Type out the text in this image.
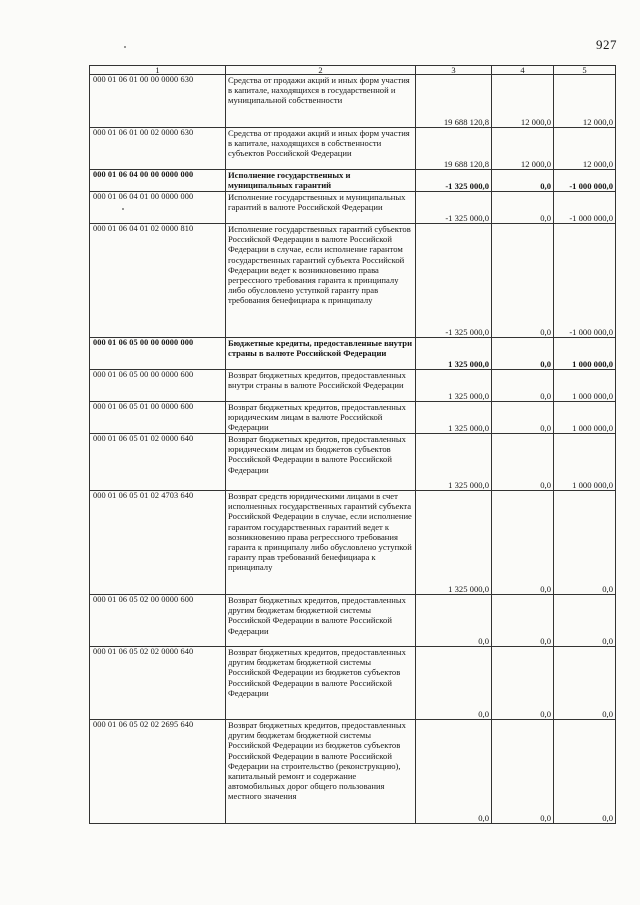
927
1	2	3	4	5
000 01 06 01 00 00 0000 630	Средства от продажи акций и иных форм участия в капитале, находящихся в государственной и муниципальной собственности	19 688 120,8	12 000,0	12 000,0
000 01 06 01 00 02 0000 630	Средства от продажи акций и иных форм участия в капитале, находящихся в собственности субъектов Российской Федерации	19 688 120,8	12 000,0	12 000,0
000 01 06 04 00 00 0000 000	Исполнение государственных и муниципальных гарантий	-1 325 000,0	0,0	-1 000 000,0
000 01 06 04 01 00 0000 000	Исполнение государственных и муниципальных гарантий в валюте Российской Федерации	-1 325 000,0	0,0	-1 000 000,0
000 01 06 04 01 02 0000 810	Исполнение государственных гарантий субъектов Российской Федерации в валюте Российской Федерации в случае, если исполнение гарантом государственных гарантий субъекта Российской Федерации ведет к возникновению права регрессного требования гаранта к принципалу либо обусловлено уступкой гаранту прав требования бенефициара к принципалу	-1 325 000,0	0,0	-1 000 000,0
000 01 06 05 00 00 0000 000	Бюджетные кредиты, предоставленные внутри страны в валюте Российской Федерации	1 325 000,0	0,0	1 000 000,0
000 01 06 05 00 00 0000 600	Возврат бюджетных кредитов, предоставленных внутри страны в валюте Российской Федерации	1 325 000,0	0,0	1 000 000,0
000 01 06 05 01 00 0000 600	Возврат бюджетных кредитов, предоставленных юридическим лицам в валюте Российской Федерации	1 325 000,0	0,0	1 000 000,0
000 01 06 05 01 02 0000 640	Возврат бюджетных кредитов, предоставленных юридическим лицам из бюджетов субъектов Российской Федерации в валюте Российской Федерации	1 325 000,0	0,0	1 000 000,0
000 01 06 05 01 02 4703 640	Возврат средств юридическими лицами в счет исполненных государственных гарантий субъекта Российской Федерации в случае, если исполнение гарантом государственных гарантий ведет к возникновению права регрессного требования гаранта к принципалу либо обусловлено уступкой гаранту прав требований бенефициара к принципалу	1 325 000,0	0,0	0,0
000 01 06 05 02 00 0000 600	Возврат бюджетных кредитов, предоставленных другим бюджетам бюджетной системы Российской Федерации в валюте Российской Федерации	0,0	0,0	0,0
000 01 06 05 02 02 0000 640	Возврат бюджетных кредитов, предоставленных другим бюджетам бюджетной системы Российской Федерации из бюджетов субъектов Российской Федерации в валюте Российской Федерации	0,0	0,0	0,0
000 01 06 05 02 02 2695 640	Возврат бюджетных кредитов, предоставленных другим бюджетам бюджетной системы Российской Федерации из бюджетов субъектов Российской Федерации в валюте Российской Федерации на строительство (реконструкцию), капитальный ремонт и содержание автомобильных дорог общего пользования местного значения	0,0	0,0	0,0
